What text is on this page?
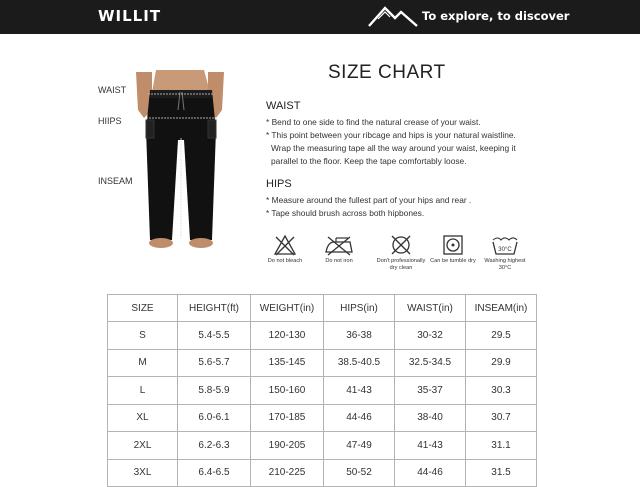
WILLIT	To explore, to discover
SIZE CHART
WAIST
HIIPS
INSEAM
WAIST
* Bend to one side to find the natural crease of your waist.
* This point between your ribcage and hips is your natural waistline.
Wrap the measuring tape all the way around your waist, keeping it
parallel to the floor. Keep the tape comfortably loose.
HIPS
* Measure around the fullest part of your hips and rear .
* Tape should brush across both hipbones.
Do not bleach	Do not iron	Don't professionally dry clean
Can be tumble dry
30°C
Washing highest 30°C
SIZE	HEIGHT(ft)	WEIGHT(in)	HIPS(in)	WAIST(in)	INSEAM(in)
S	5.4-5.5	120-130	36-38	30-32	29.5
M	5.6-5.7	135-145	38.5-40.5	32.5-34.5	29.9
L	5.8-5.9	150-160	41-43	35-37	30.3
XL	6.0-6.1	170-185	44-46	38-40	30.7
2XL	6.2-6.3	190-205	47-49	41-43	31.1
3XL	6.4-6.5	210-225	50-52	44-46	31.5
